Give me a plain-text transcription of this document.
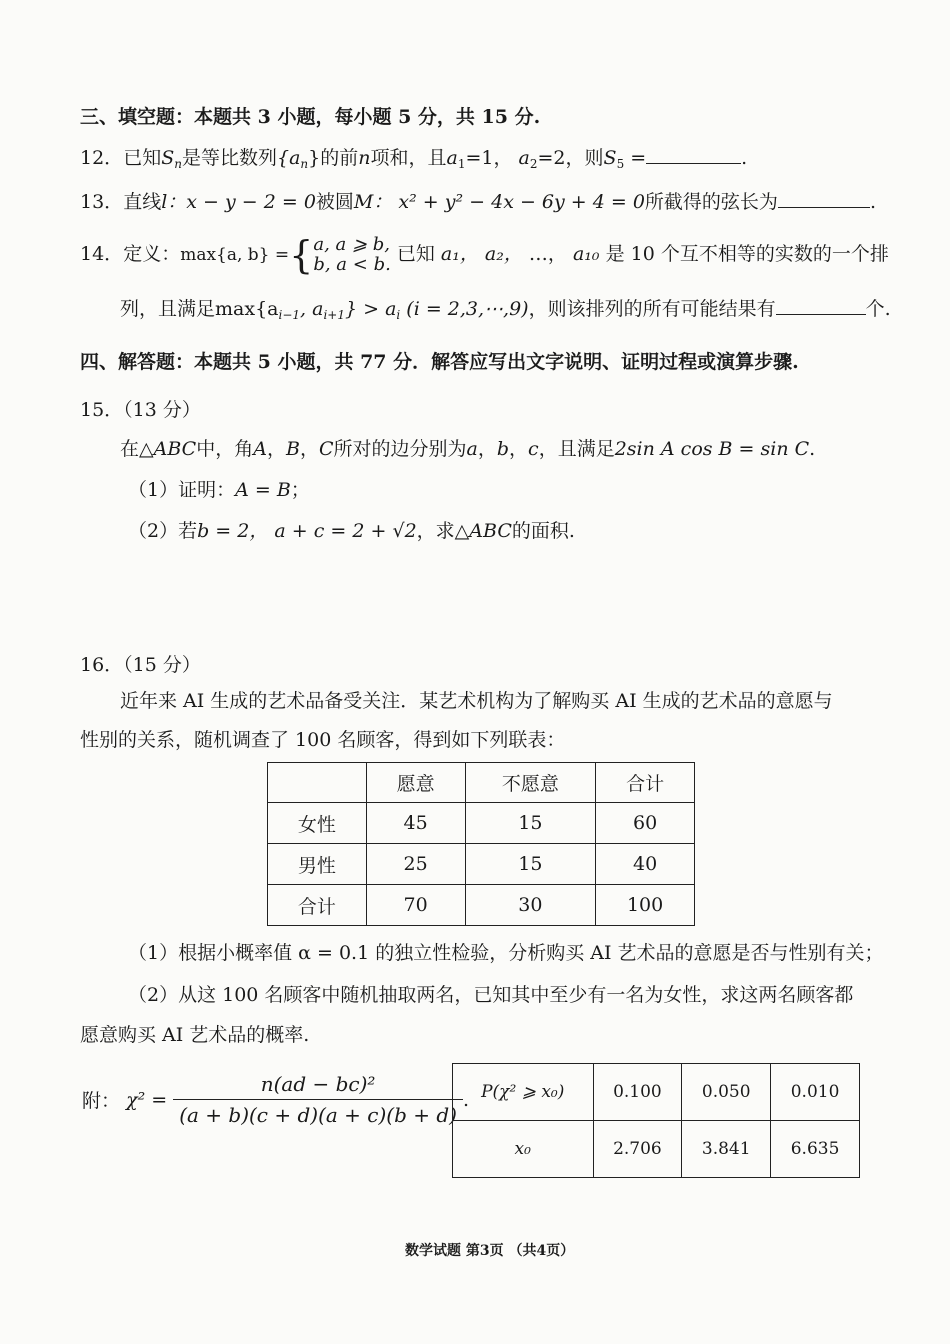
三、填空题：本题共 3 小题，每小题 5 分，共 15 分.
12．已知$S_n$是等比数列$\{a_n\}$的前n项和，且$a_1=1$， $a_2=2$，则$S_5$ =	.
13．直线l：x − y − 2 = 0被圆M： x² + y² − 4x − 6y + 4 = 0所截得的弦长为	.
14．定义：max{a, b} ={ a, a ⩾ b,
b, a < b. 已知 a₁， a₂， …， a₁₀ 是 10 个互不相等的实数的一个排
列，且满足$\max\{a_{i-1}$, $a_{i+1}\} > a_i$ (i = 2,3,⋯,9)，则该排列的所有可能结果有	个.
四、解答题：本题共 5 小题，共 77 分．解答应写出文字说明、证明过程或演算步骤.
15．（13 分）
在△ABC中，角A，B，C所对的边分别为a，b，c，且满足2sin A cos B = sin C.
（1）证明：A = B；
（2）若b = 2， a + c = 2 + √2，求△ABC的面积.
16．（15 分）
近年来 AI 生成的艺术品备受关注．某艺术机构为了解购买 AI 生成的艺术品的意愿与
性别的关系，随机调查了 100 名顾客，得到如下列联表：
	愿意	不愿意	合计
女性	45	15	60
男性	25	15	40
合计	70	30	100
（1）根据小概率值 α = 0.1 的独立性检验，分析购买 AI 艺术品的意愿是否与性别有关；
（2）从这 100 名顾客中随机抽取两名，已知其中至少有一名为女性，求这两名顾客都
愿意购买 AI 艺术品的概率.
附：
χ² =
$\frac{\text{n(ad − bc)²}}{(a + b)(c + d)(a + c)(b + d)}$ . P(χ² ⩾ x₀)	0.100	0.050	0.010
x₀	2.706	3.841	6.635
数学试题 第3页 （共4页）
